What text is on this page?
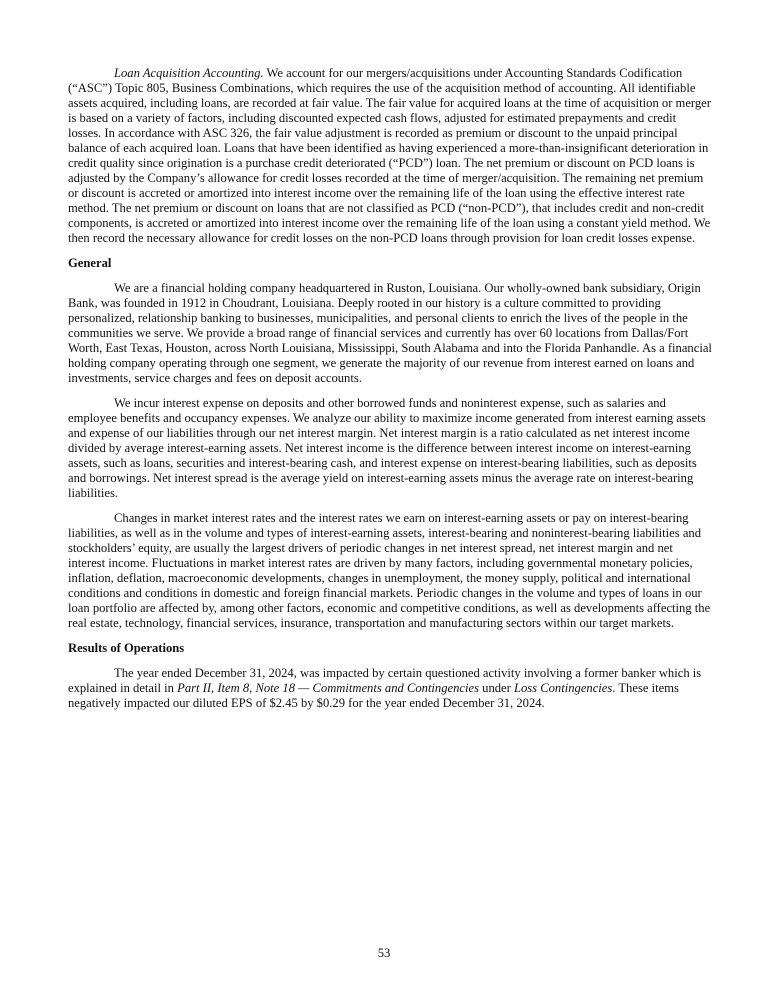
Loan Acquisition Accounting. We account for our mergers/acquisitions under Accounting Standards Codification (“ASC”) Topic 805, Business Combinations, which requires the use of the acquisition method of accounting. All identifiable assets acquired, including loans, are recorded at fair value. The fair value for acquired loans at the time of acquisition or merger is based on a variety of factors, including discounted expected cash flows, adjusted for estimated prepayments and credit losses. In accordance with ASC 326, the fair value adjustment is recorded as premium or discount to the unpaid principal balance of each acquired loan. Loans that have been identified as having experienced a more-than-insignificant deterioration in credit quality since origination is a purchase credit deteriorated (“PCD”) loan. The net premium or discount on PCD loans is adjusted by the Company’s allowance for credit losses recorded at the time of merger/acquisition. The remaining net premium or discount is accreted or amortized into interest income over the remaining life of the loan using the effective interest rate method. The net premium or discount on loans that are not classified as PCD (“non-PCD”), that includes credit and non-credit components, is accreted or amortized into interest income over the remaining life of the loan using a constant yield method. We then record the necessary allowance for credit losses on the non-PCD loans through provision for loan credit losses expense.

General

We are a financial holding company headquartered in Ruston, Louisiana. Our wholly-owned bank subsidiary, Origin Bank, was founded in 1912 in Choudrant, Louisiana. Deeply rooted in our history is a culture committed to providing personalized, relationship banking to businesses, municipalities, and personal clients to enrich the lives of the people in the communities we serve. We provide a broad range of financial services and currently has over 60 locations from Dallas/Fort Worth, East Texas, Houston, across North Louisiana, Mississippi, South Alabama and into the Florida Panhandle. As a financial holding company operating through one segment, we generate the majority of our revenue from interest earned on loans and investments, service charges and fees on deposit accounts.

We incur interest expense on deposits and other borrowed funds and noninterest expense, such as salaries and employee benefits and occupancy expenses. We analyze our ability to maximize income generated from interest earning assets and expense of our liabilities through our net interest margin. Net interest margin is a ratio calculated as net interest income divided by average interest-earning assets. Net interest income is the difference between interest income on interest-earning assets, such as loans, securities and interest-bearing cash, and interest expense on interest-bearing liabilities, such as deposits and borrowings. Net interest spread is the average yield on interest-earning assets minus the average rate on interest-bearing liabilities.

Changes in market interest rates and the interest rates we earn on interest-earning assets or pay on interest-bearing liabilities, as well as in the volume and types of interest-earning assets, interest-bearing and noninterest-bearing liabilities and stockholders’ equity, are usually the largest drivers of periodic changes in net interest spread, net interest margin and net interest income. Fluctuations in market interest rates are driven by many factors, including governmental monetary policies, inflation, deflation, macroeconomic developments, changes in unemployment, the money supply, political and international conditions and conditions in domestic and foreign financial markets. Periodic changes in the volume and types of loans in our loan portfolio are affected by, among other factors, economic and competitive conditions, as well as developments affecting the real estate, technology, financial services, insurance, transportation and manufacturing sectors within our target markets.

Results of Operations

The year ended December 31, 2024, was impacted by certain questioned activity involving a former banker which is explained in detail in Part II, Item 8, Note 18 — Commitments and Contingencies under Loss Contingencies. These items negatively impacted our diluted EPS of $2.45 by $0.29 for the year ended December 31, 2024.

53
